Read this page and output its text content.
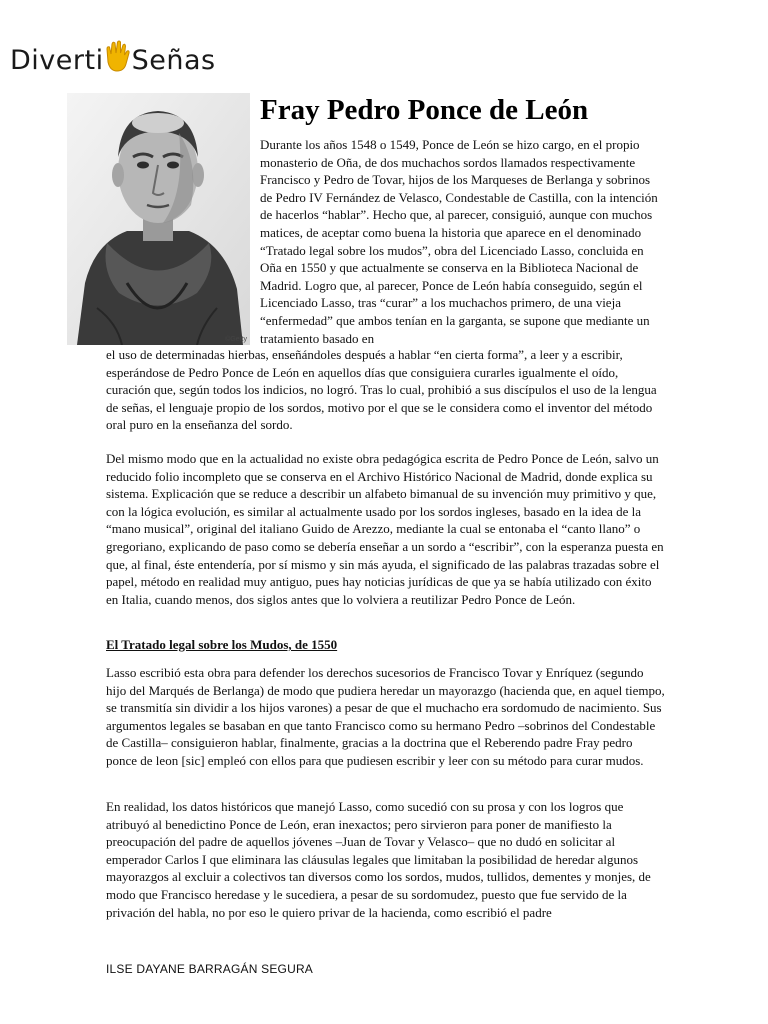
Diverti Señas
©Getty
Fray Pedro Ponce de León

Durante los años 1548 o 1549, Ponce de León se hizo cargo, en el propio monasterio de Oña, de dos muchachos sordos llamados respectivamente Francisco y Pedro de Tovar, hijos de los Marqueses de Berlanga y sobrinos de Pedro IV Fernández de Velasco, Condestable de Castilla, con la intención de hacerlos “hablar”. Hecho que, al parecer, consiguió, aunque con muchos matices, de aceptar como buena la historia que aparece en el denominado “Tratado legal sobre los mudos”, obra del Licenciado Lasso, concluida en Oña en 1550 y que actualmente se conserva en la Biblioteca Nacional de Madrid. Logro que, al parecer, Ponce de León había conseguido, según el Licenciado Lasso, tras “curar” a los muchachos primero, de una vieja “enfermedad” que ambos tenían en la garganta, se supone que mediante un tratamiento basado en

el uso de determinadas hierbas, enseñándoles después a hablar “en cierta forma”, a leer y a escribir, esperándose de Pedro Ponce de León en aquellos días que consiguiera curarles igualmente el oído, curación que, según todos los indicios, no logró. Tras lo cual, prohibió a sus discípulos el uso de la lengua de señas, el lenguaje propio de los sordos, motivo por el que se le considera como el inventor del método oral puro en la enseñanza del sordo.

Del mismo modo que en la actualidad no existe obra pedagógica escrita de Pedro Ponce de León, salvo un reducido folio incompleto que se conserva en el Archivo Histórico Nacional de Madrid, donde explica su sistema. Explicación que se reduce a describir un alfabeto bimanual de su invención muy primitivo y que, con la lógica evolución, es similar al actualmente usado por los sordos ingleses, basado en la idea de la “mano musical”, original del italiano Guido de Arezzo, mediante la cual se entonaba el “canto llano” o gregoriano, explicando de paso como se debería enseñar a un sordo a “escribir”, con la esperanza puesta en que, al final, éste entendería, por sí mismo y sin más ayuda, el significado de las palabras trazadas sobre el papel, método en realidad muy antiguo, pues hay noticias jurídicas de que ya se había utilizado con éxito en Italia, cuando menos, dos siglos antes que lo volviera a reutilizar Pedro Ponce de León.

El Tratado legal sobre los Mudos, de 1550

Lasso escribió esta obra para defender los derechos sucesorios de Francisco Tovar y Enríquez (segundo hijo del Marqués de Berlanga) de modo que pudiera heredar un mayorazgo (hacienda que, en aquel tiempo, se transmitía sin dividir a los hijos varones) a pesar de que el muchacho era sordomudo de nacimiento. Sus argumentos legales se basaban en que tanto Francisco como su hermano Pedro –sobrinos del Condestable de Castilla– consiguieron hablar, finalmente, gracias a la doctrina que el Reberendo padre Fray pedro ponce de leon [sic] empleó con ellos para que pudiesen escribir y leer con su método para curar mudos.

En realidad, los datos históricos que manejó Lasso, como sucedió con su prosa y con los logros que atribuyó al benedictino Ponce de León, eran inexactos; pero sirvieron para poner de manifiesto la preocupación del padre de aquellos jóvenes –Juan de Tovar y Velasco– que no dudó en solicitar al emperador Carlos I que eliminara las cláusulas legales que limitaban la posibilidad de heredar algunos mayorazgos al excluir a colectivos tan diversos como los sordos, mudos, tullidos, dementes y monjes, de modo que Francisco heredase y le sucediera, a pesar de su sordomudez, puesto que fue servido de la privación del habla, no por eso le quiero privar de la hacienda, como escribió el padre

ILSE DAYANE BARRAGÁN SEGURA
